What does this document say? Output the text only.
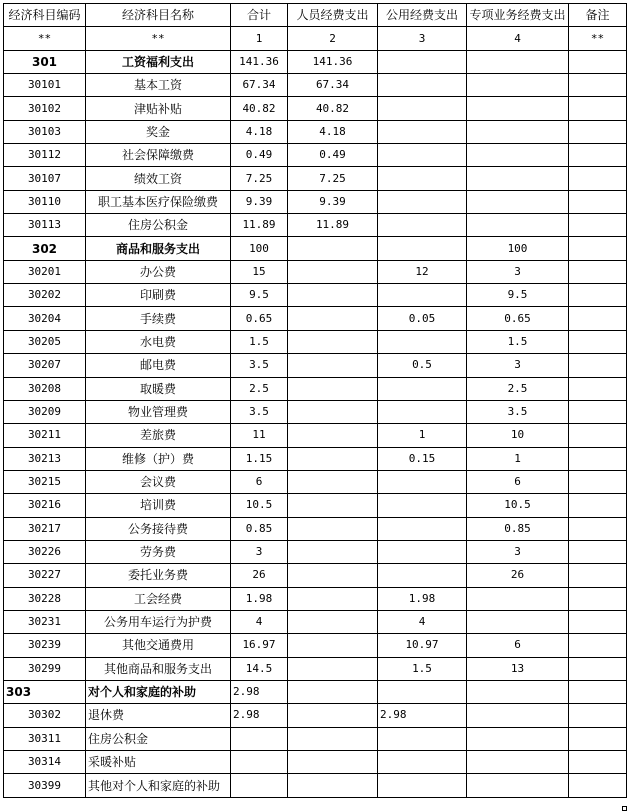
经济科目编码	经济科目名称	合计	人员经费支出	公用经费支出	专项业务经费支出	备注
**	**	1	2	3	4	**
301	工资福利支出	141.36	141.36			
30101	基本工资	67.34	67.34			
30102	津贴补贴	40.82	40.82			
30103	奖金	4.18	4.18			
30112	社会保障缴费	0.49	0.49			
30107	绩效工资	7.25	7.25			
30110	职工基本医疗保险缴费	9.39	9.39			
30113	住房公积金	11.89	11.89			
302	商品和服务支出	100			100	
30201	办公费	15		12	3	
30202	印刷费	9.5			9.5	
30204	手续费	0.65		0.05	0.65	
30205	水电费	1.5			1.5	
30207	邮电费	3.5		0.5	3	
30208	取暖费	2.5			2.5	
30209	物业管理费	3.5			3.5	
30211	差旅费	11		1	10	
30213	维修（护）费	1.15		0.15	1	
30215	会议费	6			6	
30216	培训费	10.5			10.5	
30217	公务接待费	0.85			0.85	
30226	劳务费	3			3	
30227	委托业务费	26			26	
30228	工会经费	1.98		1.98		
30231	公务用车运行为护费	4		4		
30239	其他交通费用	16.97		10.97	6	
30299	其他商品和服务支出	14.5		1.5	13	
303	对个人和家庭的补助	2.98				
30302	退休费	2.98		2.98		
30311	住房公积金					
30314	采暖补贴					
30399	其他对个人和家庭的补助					
